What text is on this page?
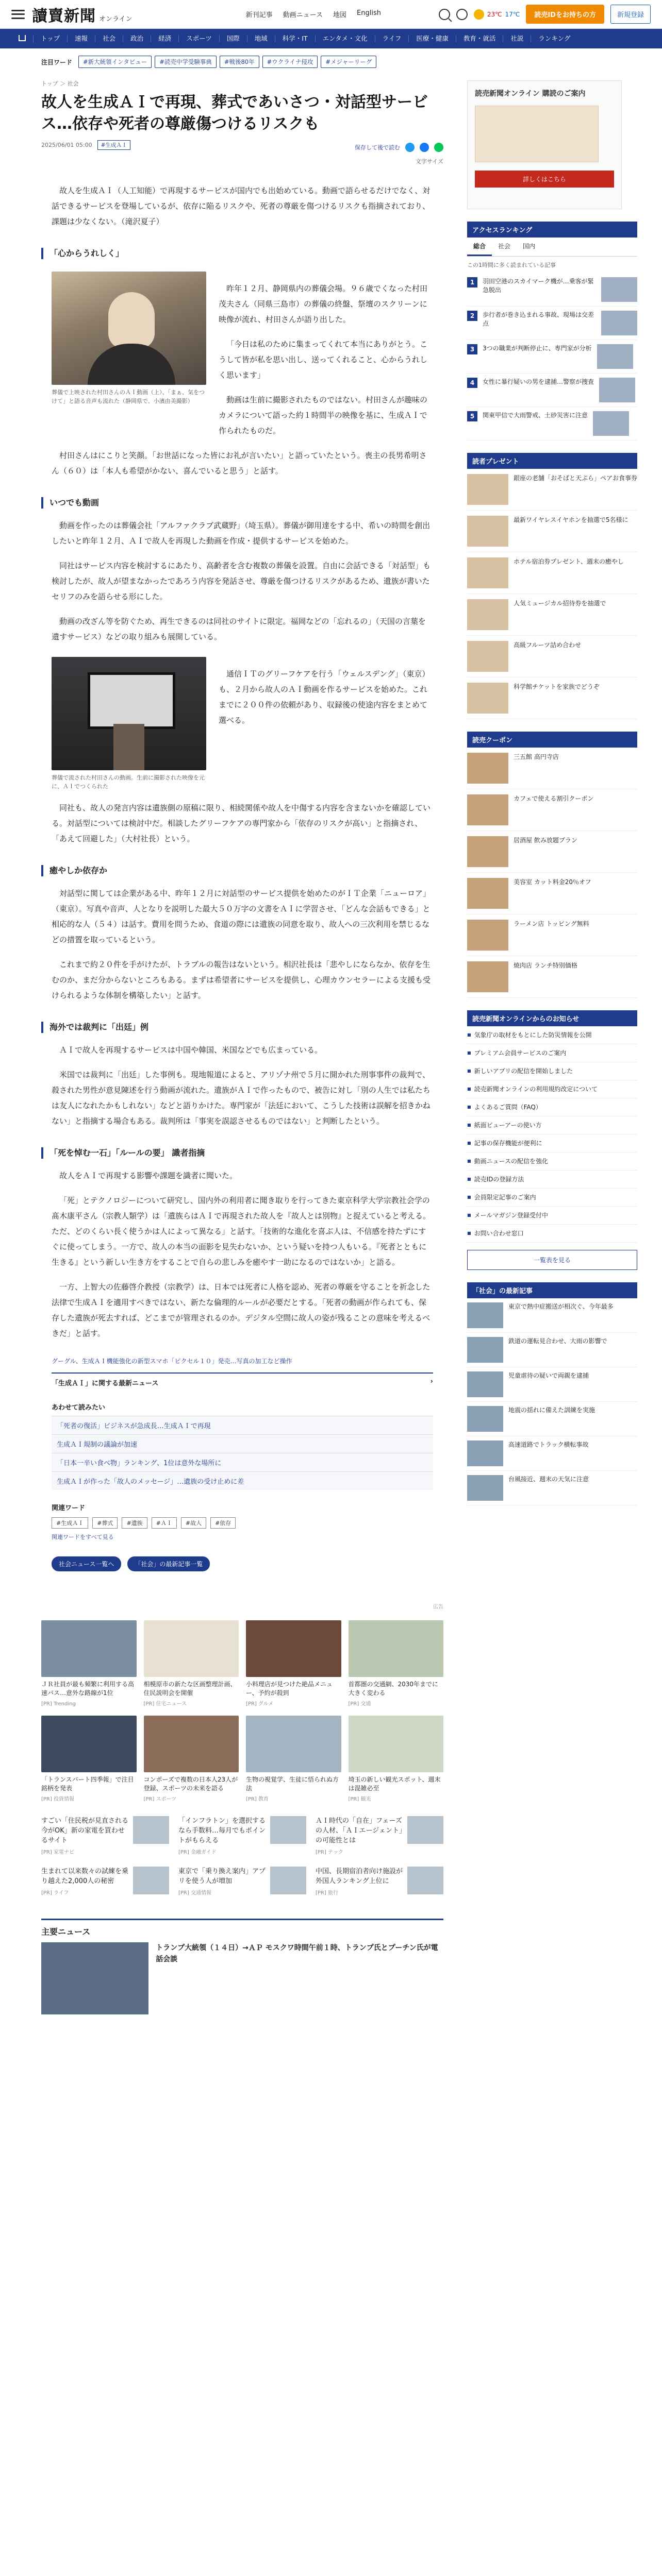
讀賣新聞 オンライン	新刊記事 動画ニュース 地図 English	23℃ 17℃	読売IDをお持ちの方	新規登録
トップ	速報	社会	政治	経済	スポーツ	国際	地域	科学・IT	エンタメ・文化	ライフ	医療・健康	教育・就活	社説	ランキング
注目ワード	#新大統領インタビュー	#読売中学受験事典	#戦後80年	#ウクライナ侵攻	#メジャーリーグ
トップ ＞ 社会
故人を生成ＡＩで再現、葬式であいさつ・対話型サービス…依存や死者の尊厳傷つけるリスクも
2025/06/01 05:00	#生成ＡＩ	保存して後で読む
文字サイズ

　故人を生成ＡＩ（人工知能）で再現するサービスが国内でも出始めている。動画で語らせるだけでなく、対話できるサービスを登場しているが、依存に陥るリスクや、死者の尊厳を傷つけるリスクも指摘されており、課題は少なくない。（滝沢夏子）

「心からうれしく」

葬儀で上映された村田さんのＡＩ動画（上）、「まぁ、気をつけて」と語る音声も流れた（静岡県で、小濱由美撮影）

昨年１２月、静岡県内の葬儀会場。９６歳でくなった村田茂夫さん（同県三島市）の葬儀の終盤、祭壇のスクリーンに映像が流れ、村田さんが語り出した。

「今日は私のために集まってくれて本当にありがとう。こうして皆が私を思い出し、送ってくれること、心からうれしく思います」

動画は生前に撮影されたものではない。村田さんが趣味のカメラについて語った約１時間半の映像を基に、生成ＡＩで作られたものだ。

村田さんはにこりと笑顔。「お世話になった皆にお礼が言いたい」と語っていたという。喪主の長男希明さん（６０）は「本人も希望がかない、喜んでいると思う」と話す。

いつでも動画

動画を作ったのは葬儀会社「アルファクラブ武蔵野」（埼玉県）。葬儀が御用達をする中、希いの時間を創出したいと昨年１２月、ＡＩで故人を再現した動画を作成・提供するサービスを始めた。

同社はサービス内容を検討するにあたり、高齢者を含む複数の葬儀を設置。自由に会話できる「対話型」も検討したが、故人が望まなかったであろう内容を発話させ、尊厳を傷つけるリスクがあるため、遺族が書いたセリフのみを語らせる形にした。

動画の改ざん等を防ぐため、再生できるのは同社のサイトに限定。福岡などの「忘れるの」（天国の言葉を遺すサービス）などの取り組みも展開している。

葬儀で流された村田さんの動画。生前に撮影された映像を元に、ＡＩでつくられた

通信ＩＴのグリーフケアを行う「ウェルスデング」（東京）も、２月から故人のＡＩ動画を作るサービスを始めた。これまでに２００件の依頼があり、収録後の使途内容をまとめて選べる。

同社も、故人の発言内容は遺族側の原稿に限り、相続関係や故人を中傷する内容を含まないかを確認している。対話型については検討中だ。相談したグリーフケアの専門家から「依存のリスクが高い」と指摘され、「あえて回避した」（大村社長）という。

癒やしか依存か

対話型に関しては企業がある中、昨年１２月に対話型のサービス提供を始めたのがＩＴ企業「ニューロア」（東京）。写真や音声、人となりを説明した最大５０万字の文書をＡＩに学習させ、「どんな会話もできる」と相応的な人（５４）は話す。費用を問うため、食道の際には遺族の同意を取り、故人への三次利用を禁じるなどの措置を取っているという。

これまで約２０件を手がけたが、トラブルの報告はないという。相沢社長は「悲やしにならなか、依存を生むのか、まだ分からないところもある。まずは希望者にサービスを提供し、心理カウンセラーによる支援も受けられるような体制を構築したい」と話す。

海外では裁判に「出廷」例

ＡＩで故人を再現するサービスは中国や韓国、米国などでも広まっている。

米国では裁判に「出廷」した事例も。現地報道によると、アリゾナ州で５月に開かれた刑事事件の裁判で、殺された男性が意見陳述を行う動画が流れた。遺族がＡＩで作ったもので、被告に対し「別の人生では私たちは友人になれたかもしれない」などと語りかけた。専門家が「法廷において、こうした技術は誤解を招きかねない」と指摘する場合もある。裁判所は「事実を誤認させるものではない」と判断したという。

「死を悼む一石」「ルールの要」 識者指摘

故人をＡＩで再現する影響や課題を識者に聞いた。

「死」とテクノロジーについて研究し、国内外の利用者に聞き取りを行ってきた東京科学大学宗教社会学の髙木康平さん（宗教人類学）は「遺族らはＡＩで再現された故人を『故人とは別物』と捉えていると考える。ただ、どのくらい長く使うかは人によって異なる」と話す。「技術的な進化を喜ぶ人は、不信感を持たずにすぐに使ってしまう。一方で、故人の本当の面影を見失わないか、という疑いを持つ人もいる。『死者とともに生きる』という新しい生き方をすることで自らの悲しみを癒やす一助になるのではないか」と語る。

一方、上智大の佐藤啓介教授（宗教学）は、日本では死者に人格を認め、死者の尊厳を守ることを祈念した法律で生成ＡＩを適用すべきではない、新たな倫理的ルールが必要だとする。「死者の動画が作られても、保存した遺族が死去すれば、どこまでが管理されるのか。デジタル空間に故人の姿が残ることの意味を考えるべきだ」と話す。

グーグル、生成ＡＩ機能強化の新型スマホ「ピクセル１０」発売…写真の加工など操作
「生成ＡＩ」に関する最新ニュース
›
あわせて読みたい
「死者の復活」ビジネスが急成長…生成ＡＩで再現
生成ＡＩ規制の議論が加速
「日本一辛い食べ物」ランキング、1位は意外な場所に
生成ＡＩが作った「故人のメッセージ」…遺族の受け止めに差
関連ワード
#生成ＡＩ	#葬式	#遺族	#ＡＩ	#故人	#依存
関連ワードをすべて見る
社会ニュース一覧へ	「社会」の最新記事一覧
広告
ＪＲ社員が最も頻繁に利用する高速バス…意外な路線が1位
[PR] Trending
相模原市の新たな区画整理計画、住民説明会を開催
[PR] 住宅ニュース
小料理店が見つけた絶品メニュー、予約が殺到
[PR] グルメ
首都圏の交通網、2030年までに大きく変わる
[PR] 交通
「トランスバート四季報」で注目銘柄を発表
[PR] 投資情報
コンポーズで複数の日本人23人が登録、スポーツの未来を語る
[PR] スポーツ
生物の視覚学、生徒に悟られぬ方法
[PR] 教育
埼玉の新しい観光スポット、週末は混雑必至
[PR] 観光
すごい「住民税が見直される今がOK」新の家電を買わせるサイト
[PR] 家電ナビ
「インフラトン」を選択するなら手数料…毎月でもポイントがもらえる
[PR] 金融ガイド
ＡＩ時代の「自在」フェーズの人材、「ＡＩエージェント」の可能性とは
[PR] テック
生まれて以来数々の試練を乗り越えた2,000人の秘密
[PR] ライフ
東京で「乗り換え案内」アプリを使う人が増加
[PR] 交通情報
中国、長期宿泊者向け施設が外国人ランキング上位に
[PR] 旅行
主要ニュース
トランプ大統領（１４日）→ＡＰ モスクワ時間午前１時、トランプ氏とプーチン氏が電話会談
読売新聞オンライン 購読のご案内
詳しくはこちら
アクセスランキング
総合	社会	国内
この1時間に多く読まれている記事
1	羽田空港のスカイマーク機が…乗客が緊急脱出
2	歩行者が巻き込まれる事故、現場は交差点
3	3つの職業が判断停止に、専門家が分析
4	女性に暴行疑いの男を逮捕…警察が捜査
5	関東甲信で大雨警戒、土砂災害に注意
読者プレゼント
銀座の老舗「おそばと天ぷら」ペアお食事券
最新ワイヤレスイヤホンを抽選で5名様に
ホテル宿泊券プレゼント、週末の癒やし
人気ミュージカル招待券を抽選で
高級フルーツ詰め合わせ
科学館チケットを家族でどうぞ
読売クーポン
三五館 高円寺店
カフェで使える割引クーポン
居酒屋 飲み放題プラン
美容室 カット料金20％オフ
ラーメン店 トッピング無料
焼肉店 ランチ特別価格
読売新聞オンラインからのお知らせ
■ 気象庁の取材をもとにした防災情報を公開
■ プレミアム会員サービスのご案内
■ 新しいアプリの配信を開始しました
■ 読売新聞オンラインの利用規約改定について
■ よくあるご質問（FAQ）
■ 紙面ビューアーの使い方
■ 記事の保存機能が便利に
■ 動画ニュースの配信を強化
■ 読売IDの登録方法
■ 会員限定記事のご案内
■ メールマガジン登録受付中
■ お問い合わせ窓口
一覧表を見る
「社会」の最新記事
東京で熱中症搬送が相次ぐ、今年最多
鉄道の運転見合わせ、大雨の影響で
児童虐待の疑いで両親を逮捕
地震の揺れに備えた訓練を実施
高速道路でトラック横転事故
台風接近、週末の天気に注意
